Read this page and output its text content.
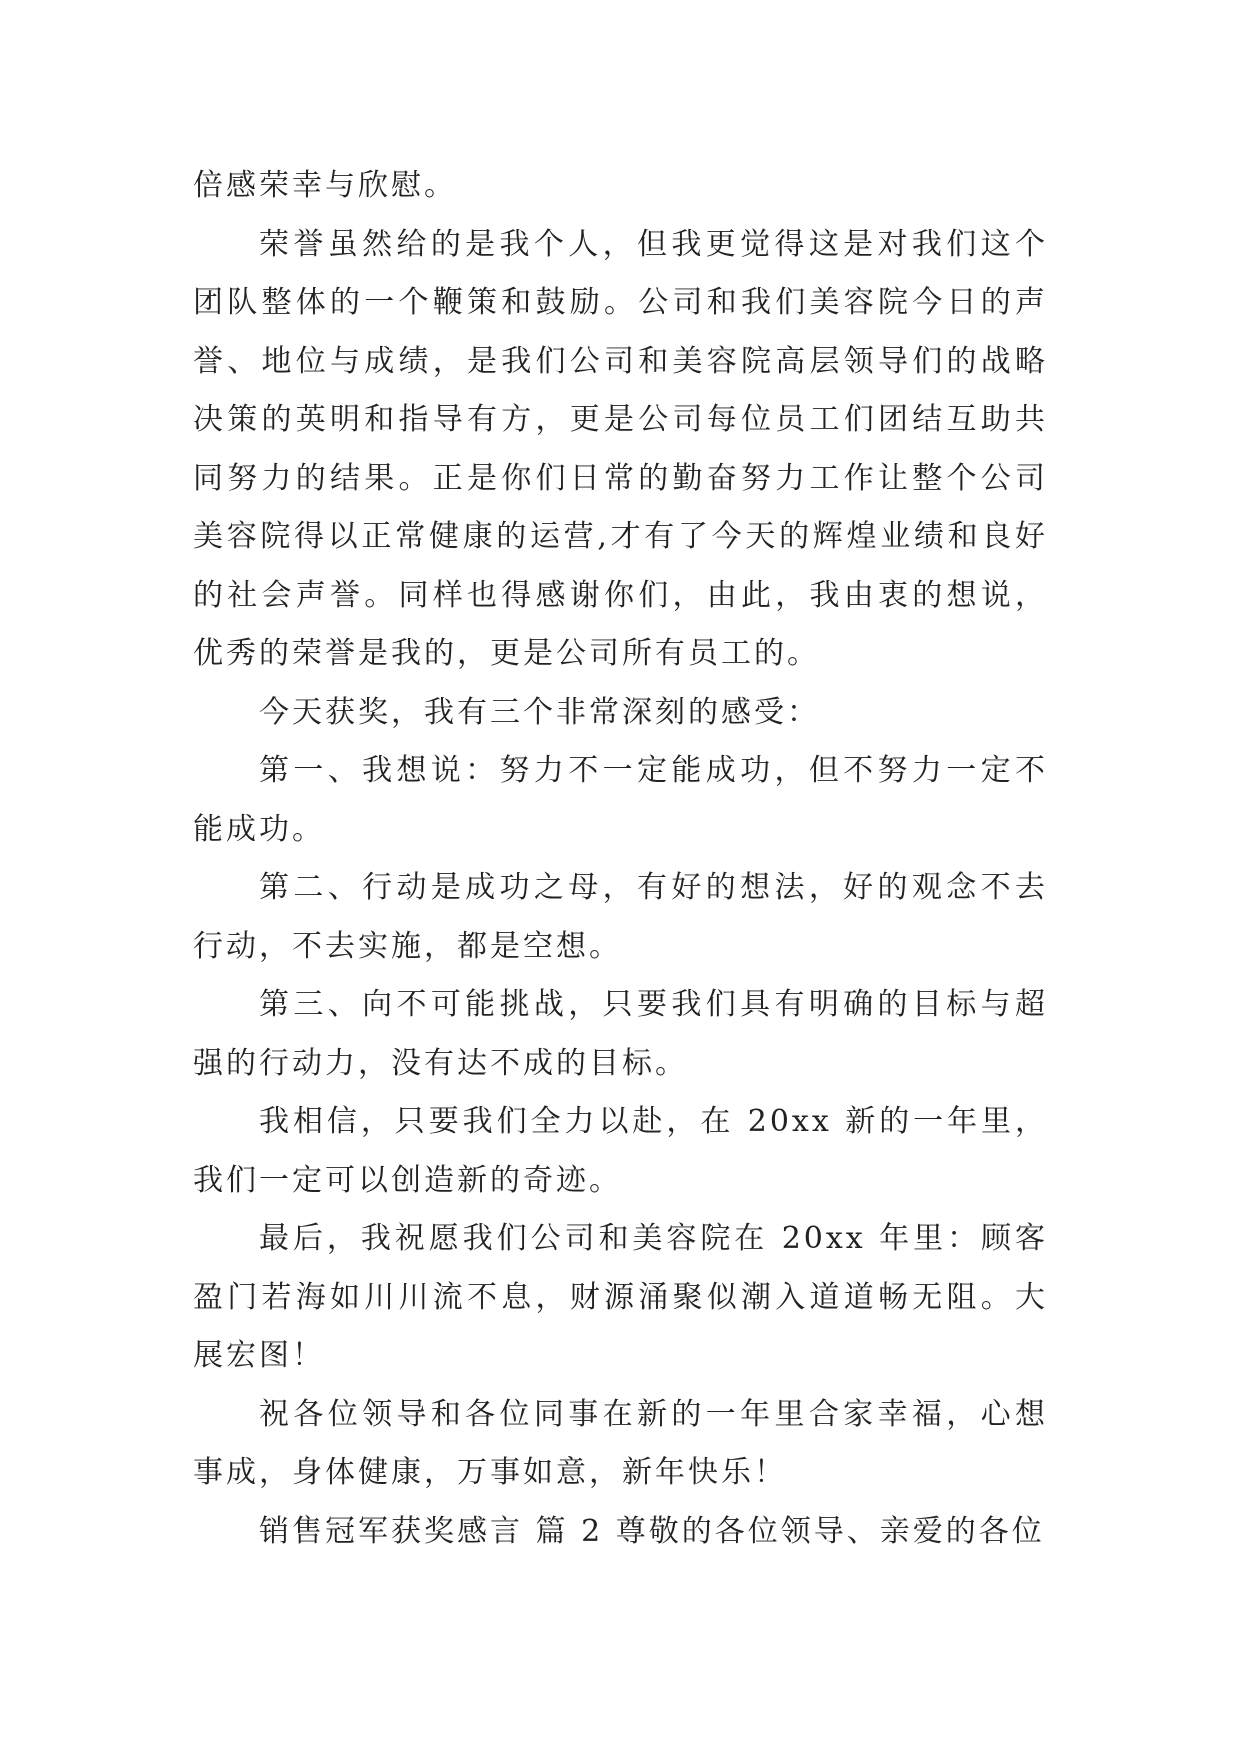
倍感荣幸与欣慰。

荣誉虽然给的是我个人，但我更觉得这是对我们这个团队整体的一个鞭策和鼓励。公司和我们美容院今日的声誉、地位与成绩，是我们公司和美容院高层领导们的战略决策的英明和指导有方，更是公司每位员工们团结互助共同努力的结果。正是你们日常的勤奋努力工作让整个公司美容院得以正常健康的运营,才有了今天的辉煌业绩和良好的社会声誉。同样也得感谢你们，由此，我由衷的想说，优秀的荣誉是我的，更是公司所有员工的。

今天获奖，我有三个非常深刻的感受：

第一、我想说：努力不一定能成功，但不努力一定不能成功。

第二、行动是成功之母，有好的想法，好的观念不去行动，不去实施，都是空想。

第三、向不可能挑战，只要我们具有明确的目标与超强的行动力，没有达不成的目标。

我相信，只要我们全力以赴，在 20xx 新的一年里，我们一定可以创造新的奇迹。

最后，我祝愿我们公司和美容院在 20xx 年里：顾客盈门若海如川川流不息，财源涌聚似潮入道道畅无阻。大展宏图！

祝各位领导和各位同事在新的一年里合家幸福，心想事成，身体健康，万事如意，新年快乐！

销售冠军获奖感言 篇 2 尊敬的各位领导、亲爱的各位
